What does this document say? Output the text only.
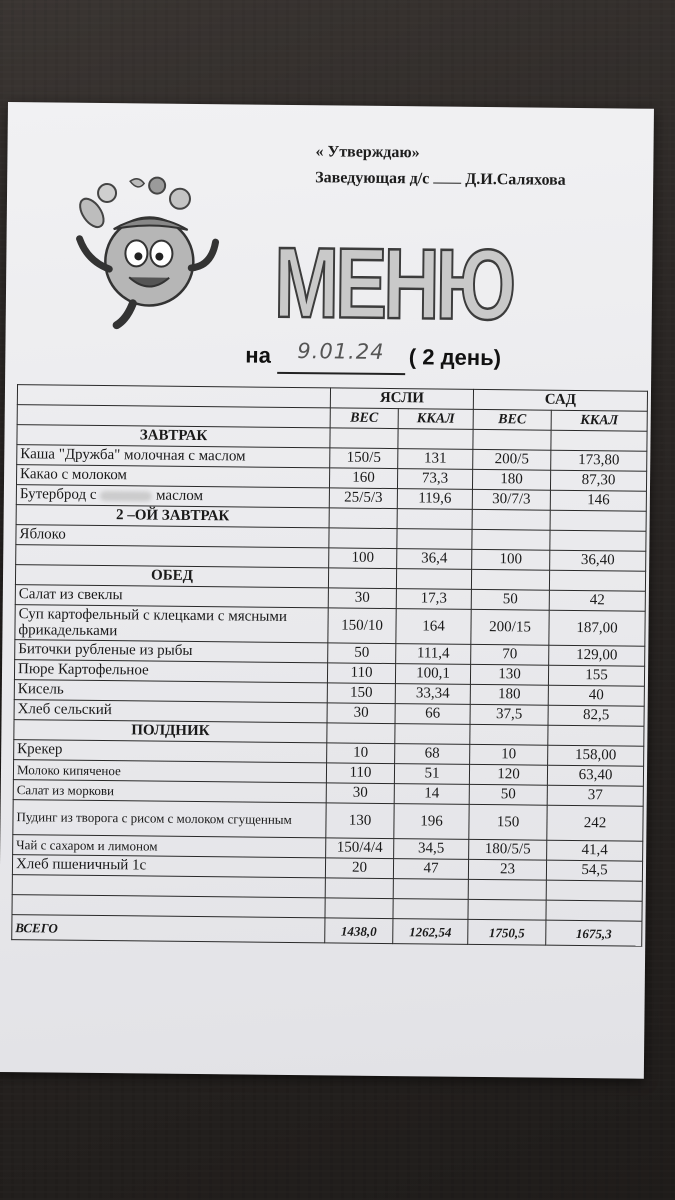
« Утверждаю»
Заведующая д/с Д.И.Саляхова
МЕНЮ
на 9.01.24 ( 2 день)
	ЯСЛИ		САД	
	ВЕС	ККАЛ	ВЕС	ККАЛ
ЗАВТРАК				
Каша "Дружба" молочная с маслом	150/5	131	200/5	173,80
Какао с молоком	160	73,3	180	87,30
Бутерброд с маслом	25/5/3	119,6	30/7/3	146
2 –ОЙ ЗАВТРАК				
Яблоко				
	100	36,4	100	36,40
ОБЕД				
Салат из свеклы	30	17,3	50	42
Суп картофельный с клецками с мясными фрикадельками	150/10	164	200/15	187,00
Биточки рубленые из рыбы	50	111,4	70	129,00
Пюре Картофельное	110	100,1	130	155
Кисель	150	33,34	180	40
Хлеб сельский	30	66	37,5	82,5
ПОЛДНИК				
Крекер	10	68	10	158,00
Молоко кипяченое	110	51	120	63,40
Салат из моркови	30	14	50	37
Пудинг из творога с рисом с молоком сгущенным	130	196	150	242
Чай с сахаром и лимоном	150/4/4	34,5	180/5/5	41,4
Хлеб пшеничный 1с	20	47	23	54,5

ВСЕГО	1438,0	1262,54	1750,5	1675,3
